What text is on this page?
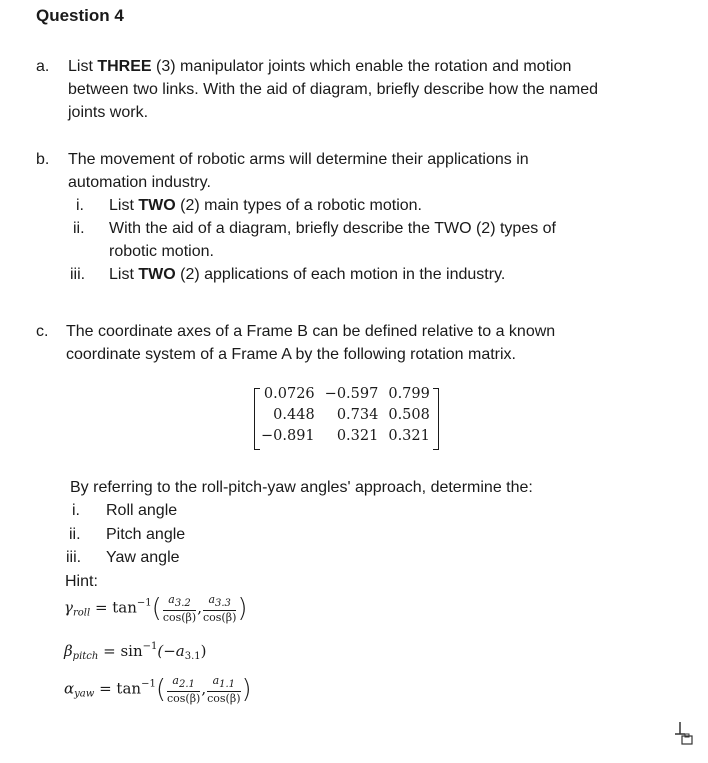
Question 4
a. List THREE (3) manipulator joints which enable the rotation and motion
between two links. With the aid of diagram, briefly describe how the named
joints work.
b. The movement of robotic arms will determine their applications in
automation industry.
i. List TWO (2) main types of a robotic motion.
ii. With the aid of a diagram, briefly describe the TWO (2) types of
robotic motion.
iii. List TWO (2) applications of each motion in the industry.
c. The coordinate axes of a Frame B can be defined relative to a known
coordinate system of a Frame A by the following rotation matrix.
0.0726	−0.597	0.799
0.448	0.734	0.508
−0.891	0.321	0.321
By referring to the roll-pitch-yaw angles' approach, determine the:
i. Roll angle
ii. Pitch angle
iii. Yaw angle
Hint:
$\gamma_{roll} = \tan^{-1}( \frac{a3.2}{\cos(\beta)}$ , $\frac{a3.3}{\cos(\beta)}$ )
$\beta_{pitch} = \sin^{-1}(-a_{3.1})$
$\alpha_{yaw} = \tan^{-1}( \frac{a2.1}{\cos(\beta)}$ , $\frac{a1.1}{\cos(\beta)}$ )
